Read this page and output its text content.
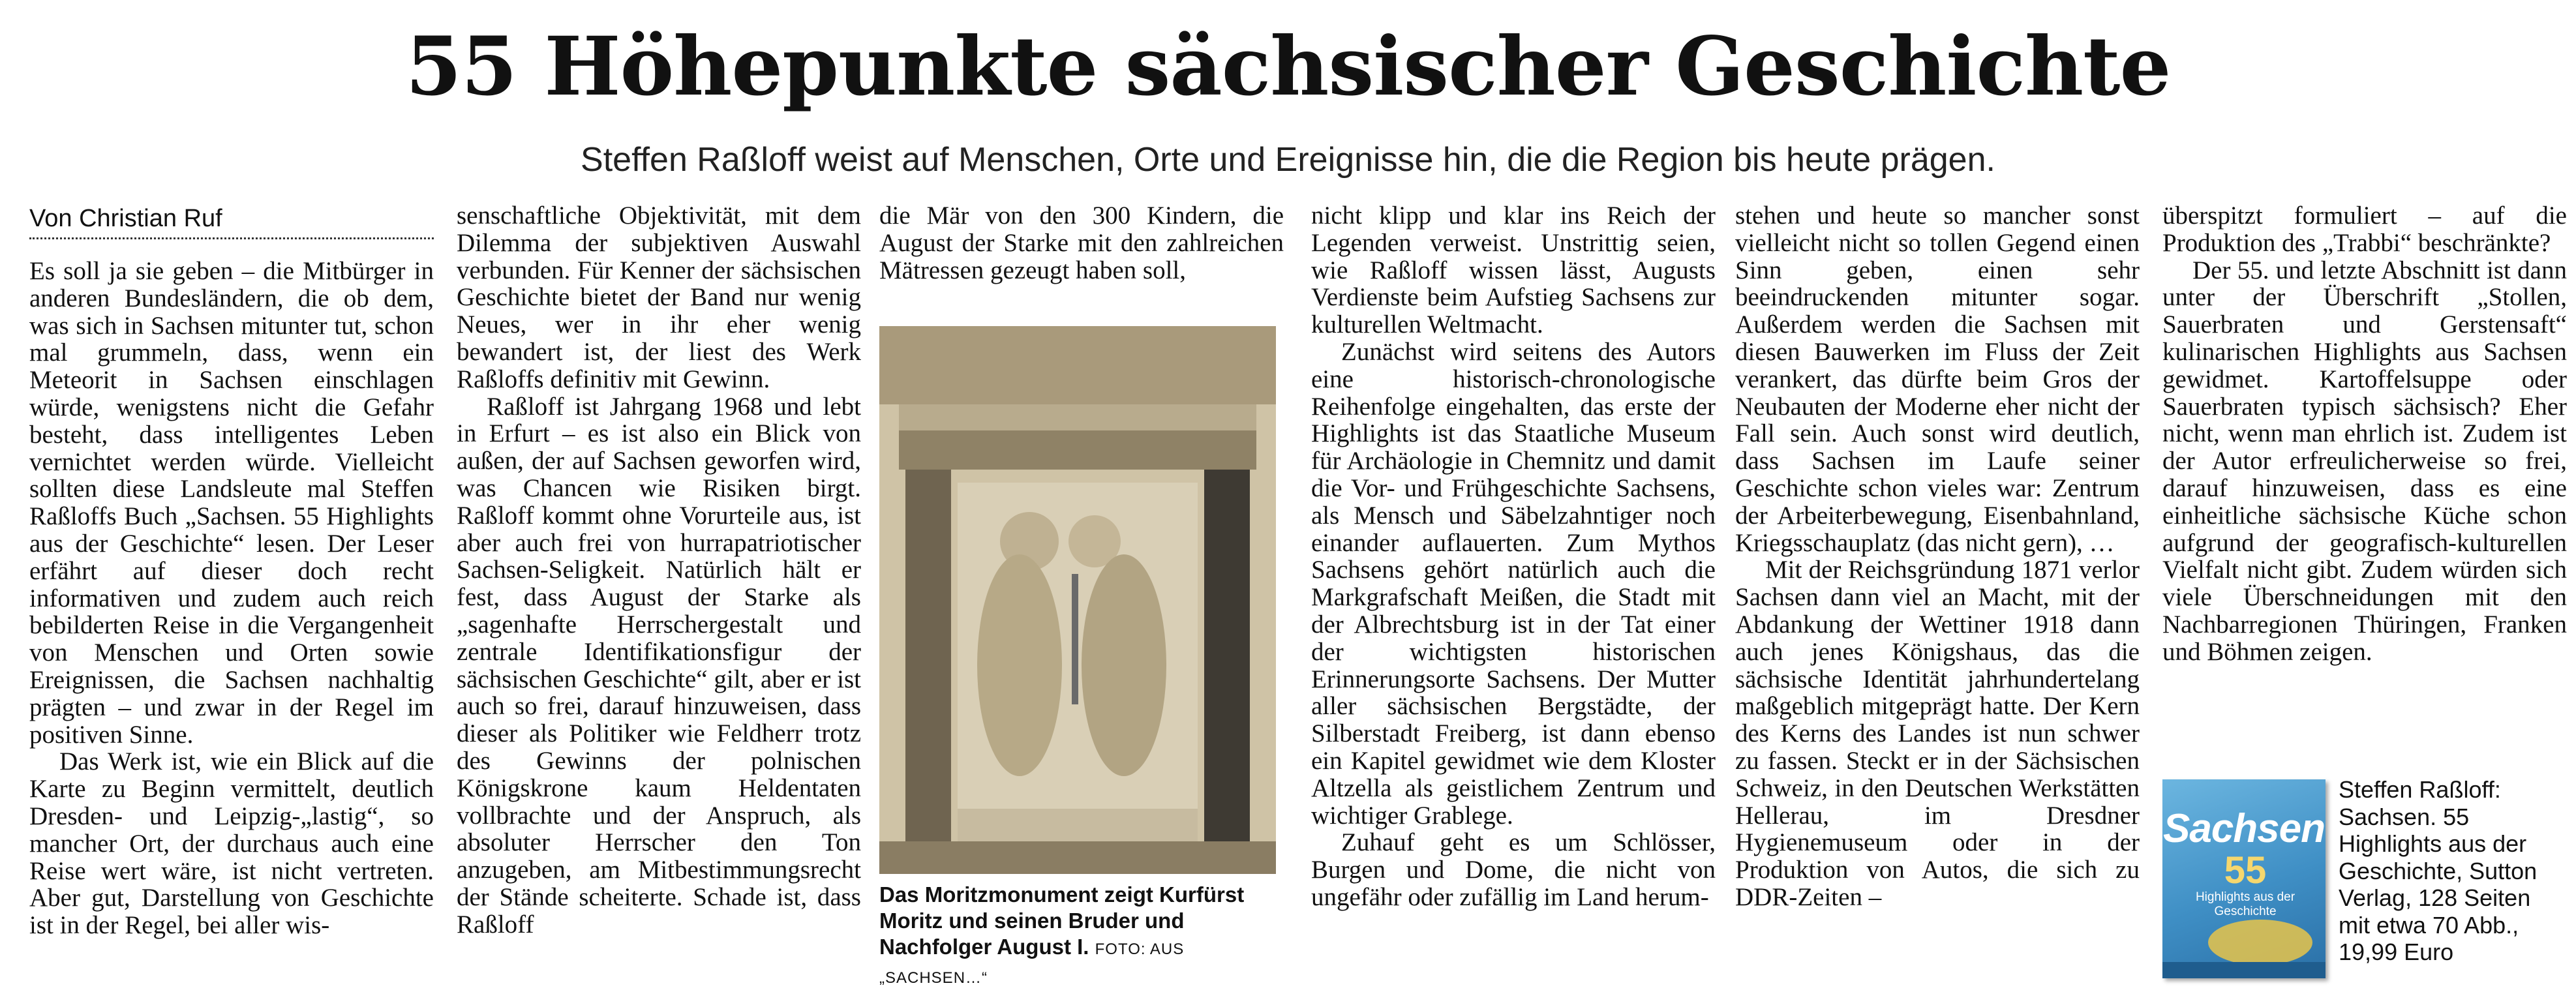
55 Höhepunkte sächsischer Geschichte

Steffen Raßloff weist auf Menschen, Orte und Ereignisse hin, die die Region bis heute prägen.

Von Christian Ruf

Es soll ja sie geben – die Mitbürger in anderen Bundesländern, die ob dem, was sich in Sachsen mitunter tut, schon mal grummeln, dass, wenn ein Meteorit in Sachsen einschlagen würde, wenigstens nicht die Gefahr besteht, dass intelligentes Leben vernichtet werden würde. Vielleicht sollten diese Landsleute mal Steffen Raßloffs Buch „Sachsen. 55 Highlights aus der Geschichte“ lesen. Der Leser erfährt auf dieser doch recht informativen und zudem auch reich bebilderten Reise in die Vergangenheit von Menschen und Orten sowie Ereignissen, die Sachsen nachhaltig prägten – und zwar in der Regel im positiven Sinne.

Das Werk ist, wie ein Blick auf die Karte zu Beginn vermittelt, deutlich Dresden- und Leipzig-„lastig“, so mancher Ort, der durchaus auch eine Reise wert wäre, ist nicht vertreten. Aber gut, Darstellung von Geschichte ist in der Regel, bei aller wis-

senschaftliche Objektivität, mit dem Dilemma der subjektiven Auswahl verbunden. Für Kenner der sächsischen Geschichte bietet der Band nur wenig Neues, wer in ihr eher wenig bewandert ist, der liest des Werk Raßloffs definitiv mit Gewinn.

Raßloff ist Jahrgang 1968 und lebt in Erfurt – es ist also ein Blick von außen, der auf Sachsen geworfen wird, was Chancen wie Risiken birgt. Raßloff kommt ohne Vorurteile aus, ist aber auch frei von hurrapatriotischer Sachsen-Seligkeit. Natürlich hält er fest, dass August der Starke als „sagenhafte Herrschergestalt und zentrale Identifikationsfigur der sächsischen Geschichte“ gilt, aber er ist auch so frei, darauf hinzuweisen, dass dieser als Politiker wie Feldherr trotz des Gewinns der polnischen Königskrone kaum Heldentaten vollbrachte und der Anspruch, als absoluter Herrscher den Ton anzugeben, am Mitbestimmungsrecht der Stände scheiterte. Schade ist, dass Raßloff

die Mär von den 300 Kindern, die August der Starke mit den zahlreichen Mätressen gezeugt haben soll,

Das Moritzmonument zeigt Kurfürst Moritz und seinen Bruder und Nachfolger August I. FOTO: AUS „SACHSEN…“

nicht klipp und klar ins Reich der Legenden verweist. Unstrittig seien, wie Raßloff wissen lässt, Augusts Verdienste beim Aufstieg Sachsens zur kulturellen Weltmacht.

Zunächst wird seitens des Autors eine historisch-chronologische Reihenfolge eingehalten, das erste der Highlights ist das Staatliche Museum für Archäologie in Chemnitz und damit die Vor- und Frühgeschichte Sachsens, als Mensch und Säbelzahntiger noch einander auflauerten. Zum Mythos Sachsens gehört natürlich auch die Markgrafschaft Meißen, die Stadt mit der Albrechtsburg ist in der Tat einer der wichtigsten historischen Erinnerungsorte Sachsens. Der Mutter aller sächsischen Bergstädte, der Silberstadt Freiberg, ist dann ebenso ein Kapitel gewidmet wie dem Kloster Altzella als geistlichem Zentrum und wichtiger Grablege.

Zuhauf geht es um Schlösser, Burgen und Dome, die nicht von ungefähr oder zufällig im Land herum-

stehen und heute so mancher sonst vielleicht nicht so tollen Gegend einen Sinn geben, einen sehr beeindruckenden mitunter sogar. Außerdem werden die Sachsen mit diesen Bauwerken im Fluss der Zeit verankert, das dürfte beim Gros der Neubauten der Moderne eher nicht der Fall sein. Auch sonst wird deutlich, dass Sachsen im Laufe seiner Geschichte schon vieles war: Zentrum der Arbeiterbewegung, Eisenbahnland, Kriegsschauplatz (das nicht gern), …

Mit der Reichsgründung 1871 verlor Sachsen dann viel an Macht, mit der Abdankung der Wettiner 1918 dann auch jenes Königshaus, das die sächsische Identität jahrhundertelang maßgeblich mitgeprägt hatte. Der Kern des Kerns des Landes ist nun schwer zu fassen. Steckt er in der Sächsischen Schweiz, in den Deutschen Werkstätten Hellerau, im Dresdner Hygienemuseum oder in der Produktion von Autos, die sich zu DDR-Zeiten –

überspitzt formuliert – auf die Produktion des „Trabbi“ beschränkte?

Der 55. und letzte Abschnitt ist dann unter der Überschrift „Stollen, Sauerbraten und Gerstensaft“ kulinarischen Highlights aus Sachsen gewidmet. Kartoffelsuppe oder Sauerbraten typisch sächsisch? Eher nicht, wenn man ehrlich ist. Zudem ist der Autor erfreulicherweise so frei, darauf hinzuweisen, dass es eine einheitliche sächsische Küche schon aufgrund der geografisch-kulturellen Vielfalt nicht gibt. Zudem würden sich viele Überschneidungen mit den Nachbarregionen Thüringen, Franken und Böhmen zeigen.

Sachsen
55
Highlights aus der Geschichte
Steffen Raßloff: Sachsen. 55 Highlights aus der Geschichte, Sutton Verlag, 128 Seiten mit etwa 70 Abb., 19,99 Euro
